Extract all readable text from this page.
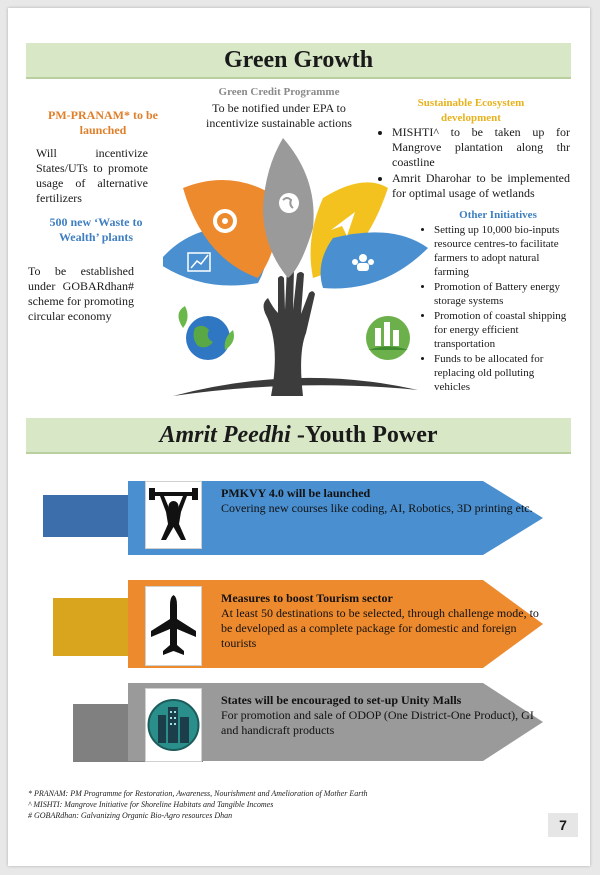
Green Growth
PM-PRANAM* to be launched
Will incentivize States/UTs to promote usage of alternative fertilizers
500 new ‘Waste to Wealth’ plants
To be established under GOBARdhan# scheme for promoting circular economy
Green Credit Programme
To be notified under EPA to incentivize sustainable actions
Sustainable Ecosystem development
• MISHTI^ to be taken up for Mangrove plantation along thr coastline
• Amrit Dharohar to be implemented for optimal usage of wetlands
Other Initiatives
• Setting up 10,000 bio-inputs resource centres-to facilitate farmers to adopt natural farming
• Promotion of Battery energy storage systems
• Promotion of coastal shipping for energy efficient transportation
• Funds to be allocated for replacing old polluting vehicles
Amrit Peedhi -Youth Power
PMKVY 4.0 will be launched
Covering new courses like coding, AI, Robotics, 3D printing etc.
Measures to boost Tourism sector
At least 50 destinations to be selected, through challenge mode, to be developed as a complete package for domestic and foreign tourists
States will be encouraged to set-up Unity Malls
For promotion and sale of ODOP (One District-One Product), GI and handicraft products
* PRANAM: PM Programme for Restoration, Awareness, Nourishment and Amelioration of Mother Earth
^ MISHTI: Mangrove Initiative for Shoreline Habitats and Tangible Incomes
# GOBARdhan: Galvanizing Organic Bio-Agro resources Dhan
7
